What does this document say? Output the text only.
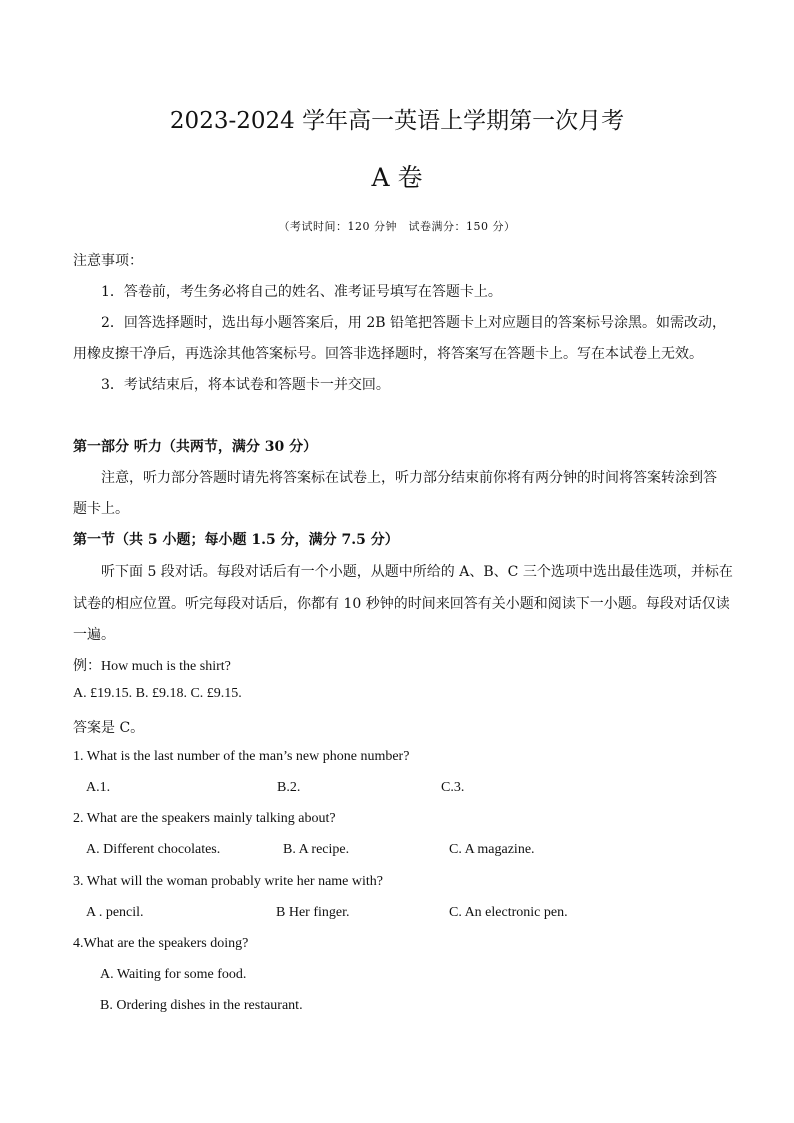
2023-2024 学年高一英语上学期第一次月考
A 卷
（考试时间：120 分钟　试卷满分：150 分）
注意事项：
1．答卷前，考生务必将自己的姓名、准考证号填写在答题卡上。
2．回答选择题时，选出每小题答案后，用 2B 铅笔把答题卡上对应题目的答案标号涂黑。如需改动，
用橡皮擦干净后，再选涂其他答案标号。回答非选择题时，将答案写在答题卡上。写在本试卷上无效。
3．考试结束后，将本试卷和答题卡一并交回。
第一部分 听力（共两节，满分 30 分）
注意，听力部分答题时请先将答案标在试卷上，听力部分结束前你将有两分钟的时间将答案转涂到答
题卡上。
第一节（共 5 小题；每小题 1.5 分，满分 7.5 分）
听下面 5 段对话。每段对话后有一个小题，从题中所给的 A、B、C 三个选项中选出最佳选项，并标在
试卷的相应位置。听完每段对话后，你都有 10 秒钟的时间来回答有关小题和阅读下一小题。每段对话仅读
一遍。
例：How much is the shirt?
A. £19.15. B. £9.18. C. £9.15.
答案是 C。
1. What is the last number of the man’s new phone number?
A.1.	B.2.	C.3.
2. What are the speakers mainly talking about?
A. Different chocolates.	B. A recipe.	C. A magazine.
3. What will the woman probably write her name with?
A . pencil.	B Her finger.	C. An electronic pen.
4.What are the speakers doing?
A. Waiting for some food.
B. Ordering dishes in the restaurant.
